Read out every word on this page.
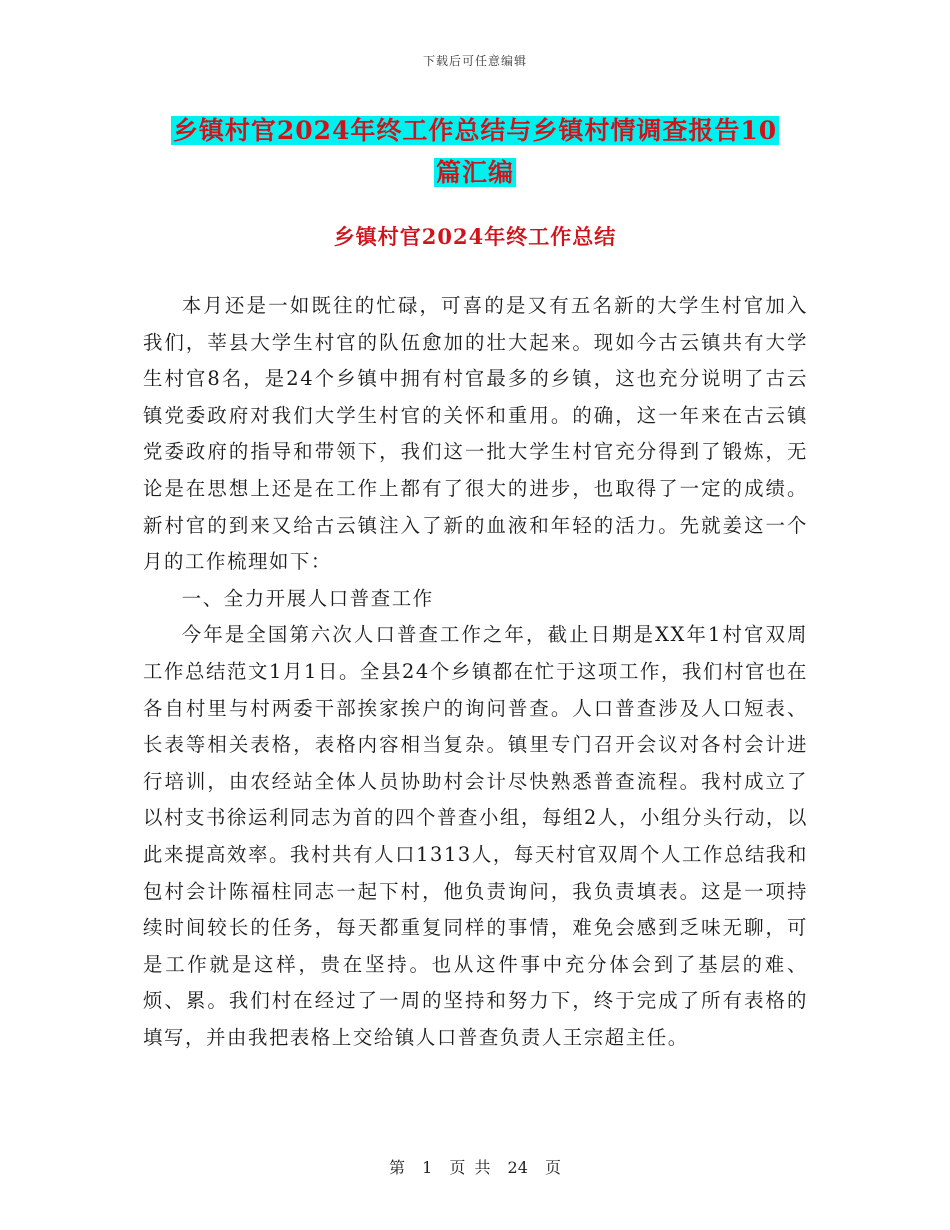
下载后可任意编辑
乡镇村官2024年终工作总结与乡镇村情调查报告10
篇汇编
乡镇村官2024年终工作总结

本月还是一如既往的忙碌，可喜的是又有五名新的大学生村官加入我们，莘县大学生村官的队伍愈加的壮大起来。现如今古云镇共有大学生村官8名，是24个乡镇中拥有村官最多的乡镇，这也充分说明了古云镇党委政府对我们大学生村官的关怀和重用。的确，这一年来在古云镇党委政府的指导和带领下，我们这一批大学生村官充分得到了锻炼，无论是在思想上还是在工作上都有了很大的进步，也取得了一定的成绩。新村官的到来又给古云镇注入了新的血液和年轻的活力。先就姜这一个月的工作梳理如下：

一、全力开展人口普查工作

今年是全国第六次人口普查工作之年，截止日期是XX年1村官双周工作总结范文1月1日。全县24个乡镇都在忙于这项工作，我们村官也在各自村里与村两委干部挨家挨户的询问普查。人口普查涉及人口短表、长表等相关表格，表格内容相当复杂。镇里专门召开会议对各村会计进行培训，由农经站全体人员协助村会计尽快熟悉普查流程。我村成立了以村支书徐运利同志为首的四个普查小组，每组2人，小组分头行动，以此来提高效率。我村共有人口1313人，每天村官双周个人工作总结我和包村会计陈福柱同志一起下村，他负责询问，我负责填表。这是一项持续时间较长的任务，每天都重复同样的事情，难免会感到乏味无聊，可是工作就是这样，贵在坚持。也从这件事中充分体会到了基层的难、烦、累。我们村在经过了一周的坚持和努力下，终于完成了所有表格的填写，并由我把表格上交给镇人口普查负责人王宗超主任。

第 1 页 共 24 页
